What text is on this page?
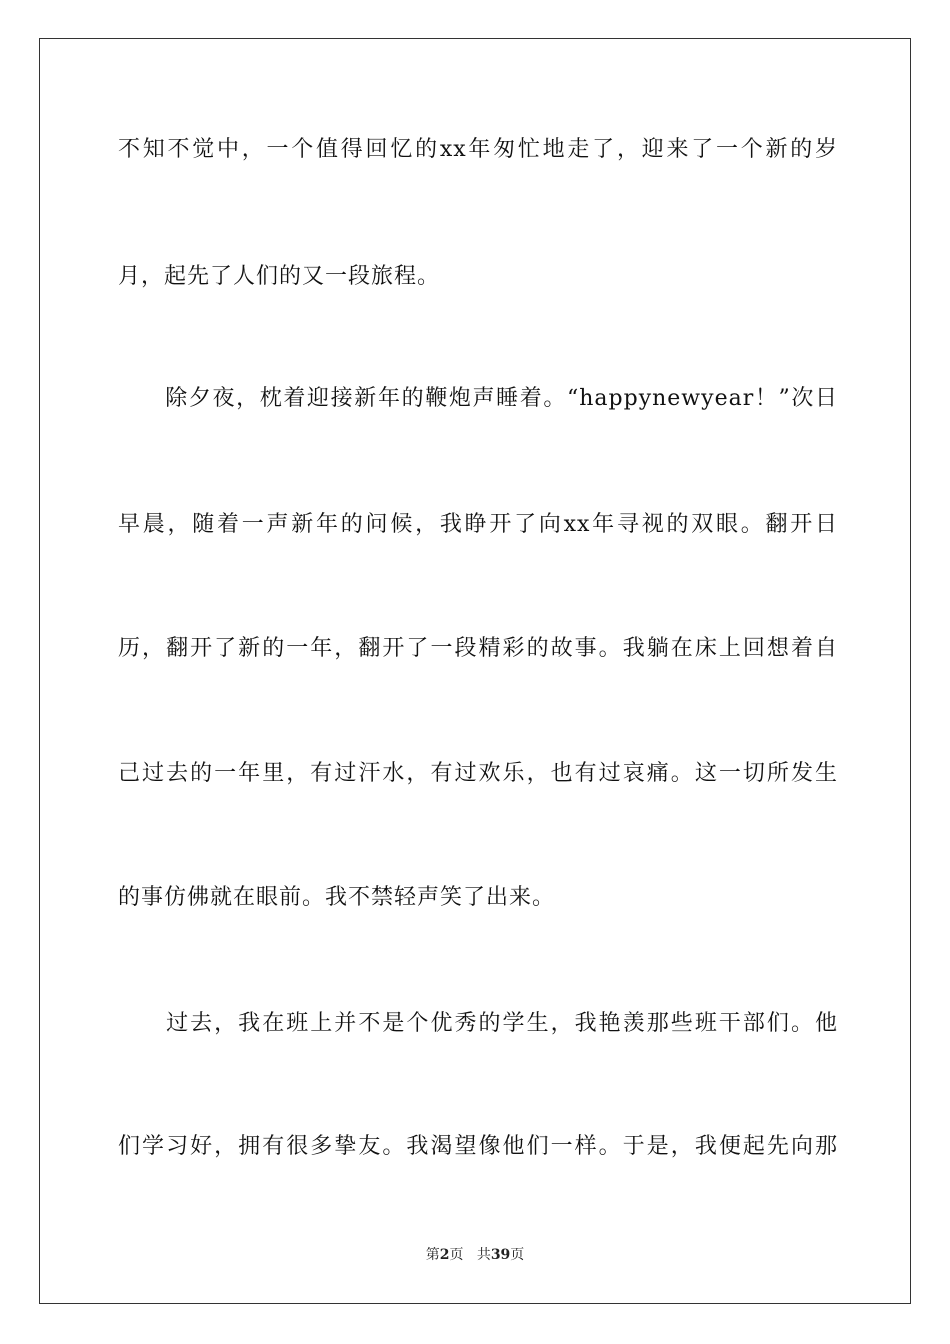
不知不觉中，一个值得回忆的xx年匆忙地走了，迎来了一个新的岁
月，起先了人们的又一段旅程。
　　除夕夜，枕着迎接新年的鞭炮声睡着。“happynewyear！”次日
早晨，随着一声新年的问候，我睁开了向xx年寻视的双眼。翻开日
历，翻开了新的一年，翻开了一段精彩的故事。我躺在床上回想着自
己过去的一年里，有过汗水，有过欢乐，也有过哀痛。这一切所发生
的事仿佛就在眼前。我不禁轻声笑了出来。
　　过去，我在班上并不是个优秀的学生，我艳羡那些班干部们。他
们学习好，拥有很多挚友。我渴望像他们一样。于是，我便起先向那
第2页 共39页
